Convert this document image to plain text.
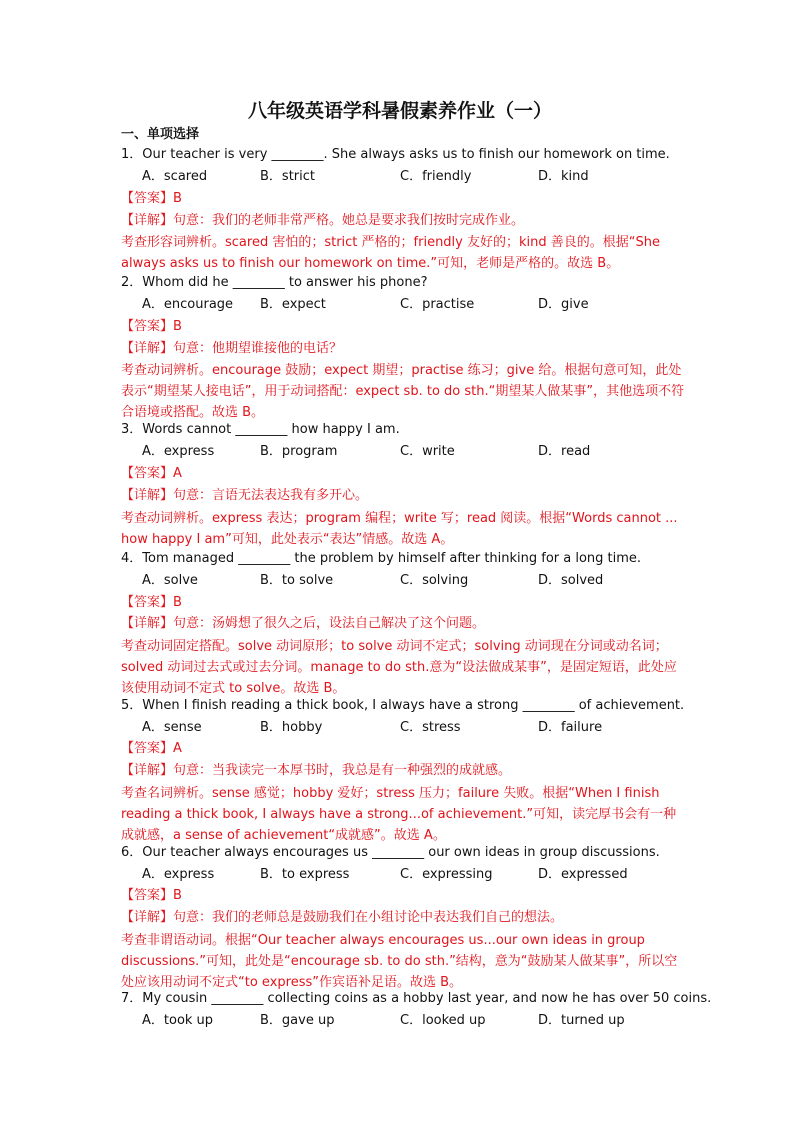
八年级英语学科暑假素养作业（一）
一、单项选择
1．Our teacher is very ________. She always asks us to finish our homework on time.
A．scared	B．strict	C．friendly	D．kind
【答案】B
【详解】句意：我们的老师非常严格。她总是要求我们按时完成作业。
考查形容词辨析。scared 害怕的；strict 严格的；friendly 友好的；kind 善良的。根据“She always asks us to finish our homework on time.”可知，老师是严格的。故选 B。
2．Whom did he ________ to answer his phone?
A．encourage B．expect	C．practise	D．give
【答案】B
【详解】句意：他期望谁接他的电话？
考查动词辨析。encourage 鼓励；expect 期望；practise 练习；give 给。根据句意可知，此处表示“期望某人接电话”，用于动词搭配：expect sb. to do sth.“期望某人做某事”，其他选项不符合语境或搭配。故选 B。
3．Words cannot ________ how happy I am.
A．express	B．program	C．write	D．read
【答案】A
【详解】句意：言语无法表达我有多开心。
考查动词辨析。express 表达；program 编程；write 写；read 阅读。根据“Words cannot ... how happy I am”可知，此处表示“表达”情感。故选 A。
4．Tom managed ________ the problem by himself after thinking for a long time.
A．solve	B．to solve	C．solving	D．solved
【答案】B
【详解】句意：汤姆想了很久之后，设法自己解决了这个问题。
考查动词固定搭配。solve 动词原形；to solve 动词不定式；solving 动词现在分词或动名词；solved 动词过去式或过去分词。manage to do sth.意为“设法做成某事”，是固定短语，此处应该使用动词不定式 to solve。故选 B。
5．When I finish reading a thick book, I always have a strong ________ of achievement.
A．sense	B．hobby	C．stress	D．failure
【答案】A
【详解】句意：当我读完一本厚书时，我总是有一种强烈的成就感。
考查名词辨析。sense 感觉；hobby 爱好；stress 压力；failure 失败。根据“When I finish reading a thick book, I always have a strong...of achievement.”可知，读完厚书会有一种成就感，a sense of achievement“成就感”。故选 A。
6．Our teacher always encourages us ________ our own ideas in group discussions.
A．express	B．to express	C．expressing	D．expressed
【答案】B
【详解】句意：我们的老师总是鼓励我们在小组讨论中表达我们自己的想法。
考查非谓语动词。根据“Our teacher always encourages us...our own ideas in group discussions.”可知，此处是“encourage sb. to do sth.”结构，意为“鼓励某人做某事”，所以空处应该用动词不定式“to express”作宾语补足语。故选 B。
7．My cousin ________ collecting coins as a hobby last year, and now he has over 50 coins.
A．took up	B．gave up	C．looked up	D．turned up
